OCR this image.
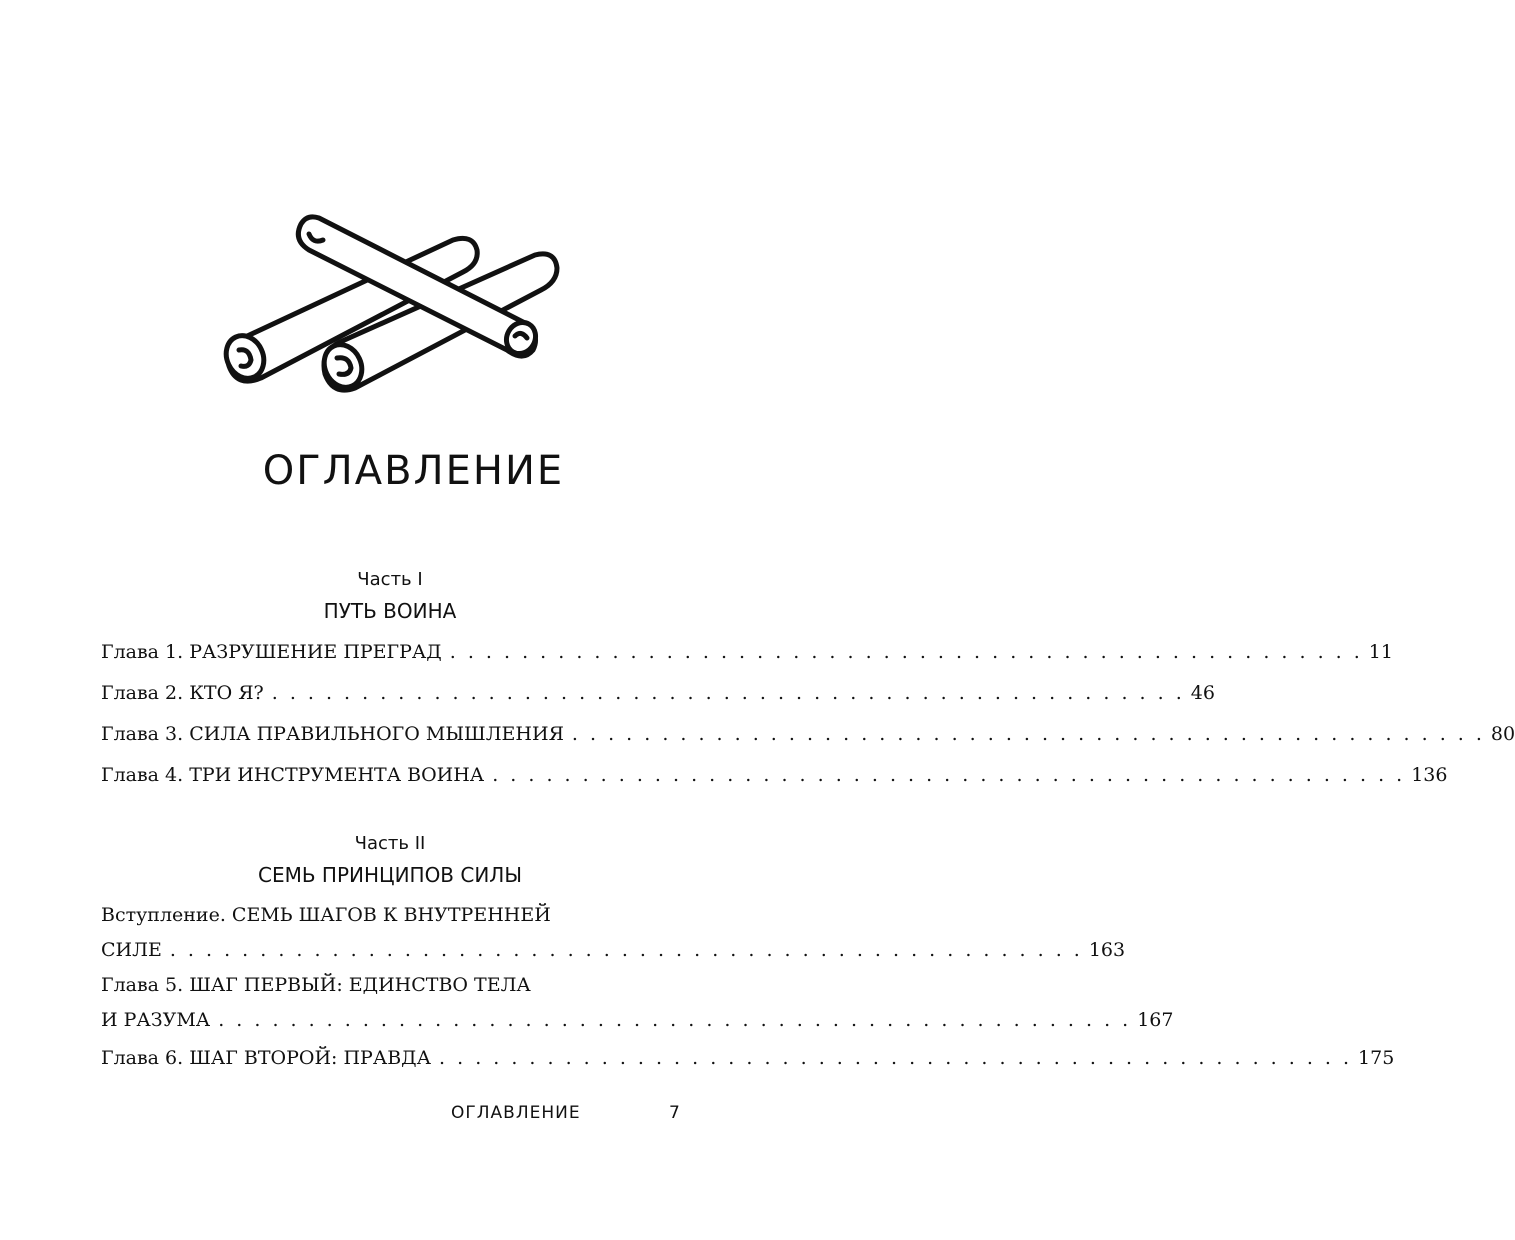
ОГЛАВЛЕНИЕ
Часть I
ПУТЬ ВОИНА
Глава 1. РАЗРУШЕНИЕ ПРЕГРАД . . . . . . . . . . . . . . . . . . . . . . . . . . . . . . . . . . . . . . . . . . . . . . . . . . . 11
Глава 2. КТО Я? . . . . . . . . . . . . . . . . . . . . . . . . . . . . . . . . . . . . . . . . . . . . . . . . . . . 46
Глава 3. СИЛА ПРАВИЛЬНОГО МЫШЛЕНИЯ . . . . . . . . . . . . . . . . . . . . . . . . . . . . . . . . . . . . . . . . . . . . . . . . . . . 80
Глава 4. ТРИ ИНСТРУМЕНТА ВОИНА . . . . . . . . . . . . . . . . . . . . . . . . . . . . . . . . . . . . . . . . . . . . . . . . . . . 136
Часть II
СЕМЬ ПРИНЦИПОВ СИЛЫ
Вступление. СЕМЬ ШАГОВ К ВНУТРЕННЕЙ
СИЛЕ . . . . . . . . . . . . . . . . . . . . . . . . . . . . . . . . . . . . . . . . . . . . . . . . . . . 163
Глава 5. ШАГ ПЕРВЫЙ: ЕДИНСТВО ТЕЛА
И РАЗУМА . . . . . . . . . . . . . . . . . . . . . . . . . . . . . . . . . . . . . . . . . . . . . . . . . . . 167
Глава 6. ШАГ ВТОРОЙ: ПРАВДА . . . . . . . . . . . . . . . . . . . . . . . . . . . . . . . . . . . . . . . . . . . . . . . . . . . 175
ОГЛАВЛЕНИЕ	7
